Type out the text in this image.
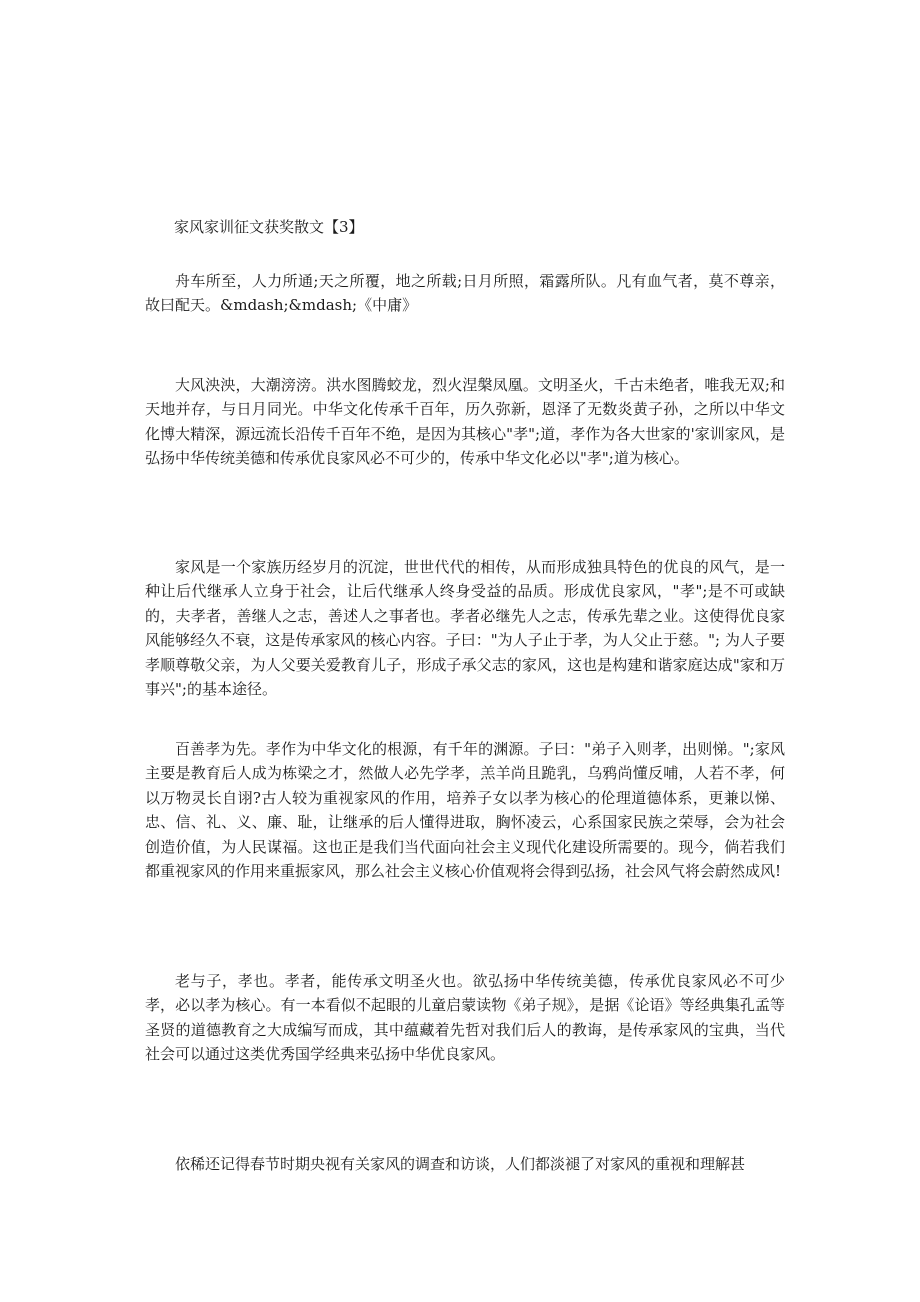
家风家训征文获奖散文【3】

舟车所至，人力所通;天之所覆，地之所载;日月所照，霜露所队。凡有血气者，莫不尊亲，故曰配天。&mdash;&mdash;《中庸》

大风泱泱，大潮滂滂。洪水图腾蛟龙，烈火涅槃凤凰。文明圣火，千古未绝者，唯我无双;和天地并存，与日月同光。中华文化传承千百年，历久弥新，恩泽了无数炎黄子孙，之所以中华文化博大精深，源远流长沿传千百年不绝，是因为其核心"孝";道，孝作为各大世家的'家训家风，是弘扬中华传统美德和传承优良家风必不可少的，传承中华文化必以"孝";道为核心。

家风是一个家族历经岁月的沉淀，世世代代的相传，从而形成独具特色的优良的风气，是一种让后代继承人立身于社会，让后代继承人终身受益的品质。形成优良家风，"孝";是不可或缺的，夫孝者，善继人之志，善述人之事者也。孝者必继先人之志，传承先辈之业。这使得优良家风能够经久不衰，这是传承家风的核心内容。子曰："为人子止于孝，为人父止于慈。"; 为人子要孝顺尊敬父亲，为人父要关爱教育儿子，形成子承父志的家风，这也是构建和谐家庭达成"家和万事兴";的基本途径。

百善孝为先。孝作为中华文化的根源，有千年的渊源。子曰："弟子入则孝，出则悌。";家风主要是教育后人成为栋梁之才，然做人必先学孝，羔羊尚且跪乳，乌鸦尚懂反哺，人若不孝，何以万物灵长自诩?古人较为重视家风的作用，培养子女以孝为核心的伦理道德体系，更兼以悌、忠、信、礼、义、廉、耻，让继承的后人懂得进取，胸怀凌云，心系国家民族之荣辱，会为社会创造价值，为人民谋福。这也正是我们当代面向社会主义现代化建设所需要的。现今，倘若我们都重视家风的作用来重振家风，那么社会主义核心价值观将会得到弘扬，社会风气将会蔚然成风!

老与子，孝也。孝者，能传承文明圣火也。欲弘扬中华传统美德，传承优良家风必不可少孝，必以孝为核心。有一本看似不起眼的儿童启蒙读物《弟子规》，是据《论语》等经典集孔孟等圣贤的道德教育之大成编写而成，其中蕴藏着先哲对我们后人的教诲，是传承家风的宝典，当代社会可以通过这类优秀国学经典来弘扬中华优良家风。

依稀还记得春节时期央视有关家风的调查和访谈，人们都淡褪了对家风的重视和理解甚
